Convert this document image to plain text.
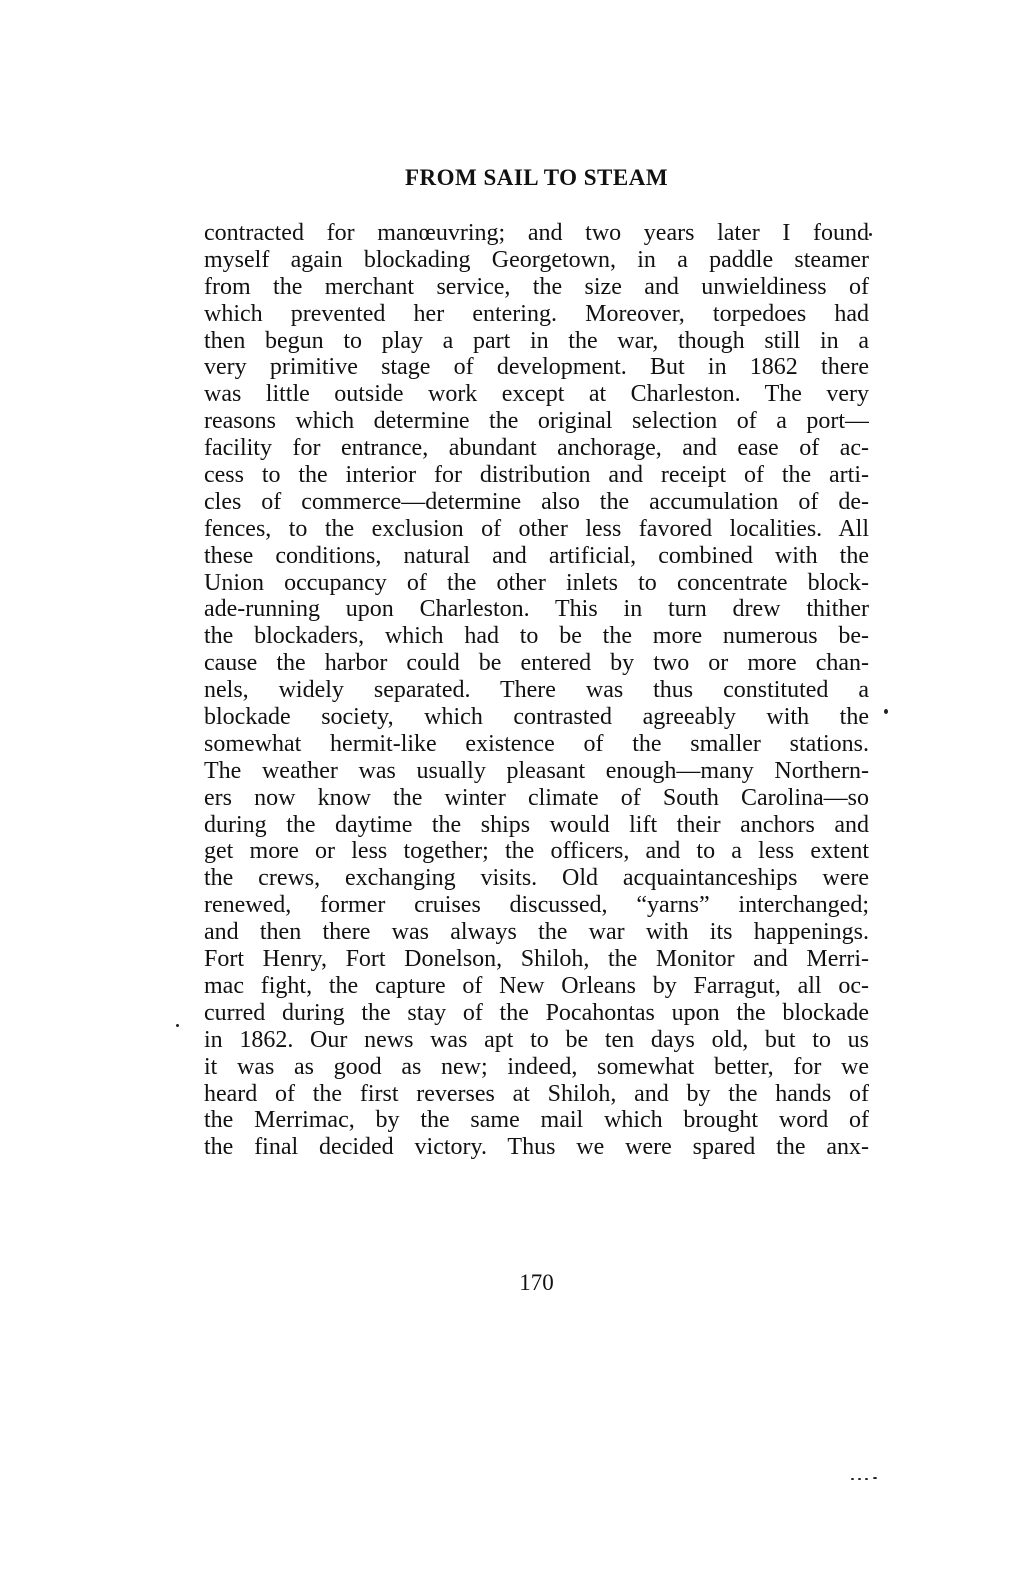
FROM SAIL TO STEAM
contracted for manœuvring; and two years later I found
myself again blockading Georgetown, in a paddle steamer
from the merchant service, the size and unwieldiness of
which prevented her entering. Moreover, torpedoes had
then begun to play a part in the war, though still in a
very primitive stage of development. But in 1862 there
was little outside work except at Charleston. The very
reasons which determine the original selection of a port—
facility for entrance, abundant anchorage, and ease of ac-
cess to the interior for distribution and receipt of the arti-
cles of commerce—determine also the accumulation of de-
fences, to the exclusion of other less favored localities. All
these conditions, natural and artificial, combined with the
Union occupancy of the other inlets to concentrate block-
ade-running upon Charleston. This in turn drew thither
the blockaders, which had to be the more numerous be-
cause the harbor could be entered by two or more chan-
nels, widely separated. There was thus constituted a
blockade society, which contrasted agreeably with the
somewhat hermit-like existence of the smaller stations.
The weather was usually pleasant enough—many Northern-
ers now know the winter climate of South Carolina—so
during the daytime the ships would lift their anchors and
get more or less together; the officers, and to a less extent
the crews, exchanging visits. Old acquaintanceships were
renewed, former cruises discussed, “yarns” interchanged;
and then there was always the war with its happenings.
Fort Henry, Fort Donelson, Shiloh, the Monitor and Merri-
mac fight, the capture of New Orleans by Farragut, all oc-
curred during the stay of the Pocahontas upon the blockade
in 1862. Our news was apt to be ten days old, but to us
it was as good as new; indeed, somewhat better, for we
heard of the first reverses at Shiloh, and by the hands of
the Merrimac, by the same mail which brought word of
the final decided victory. Thus we were spared the anx-
170
